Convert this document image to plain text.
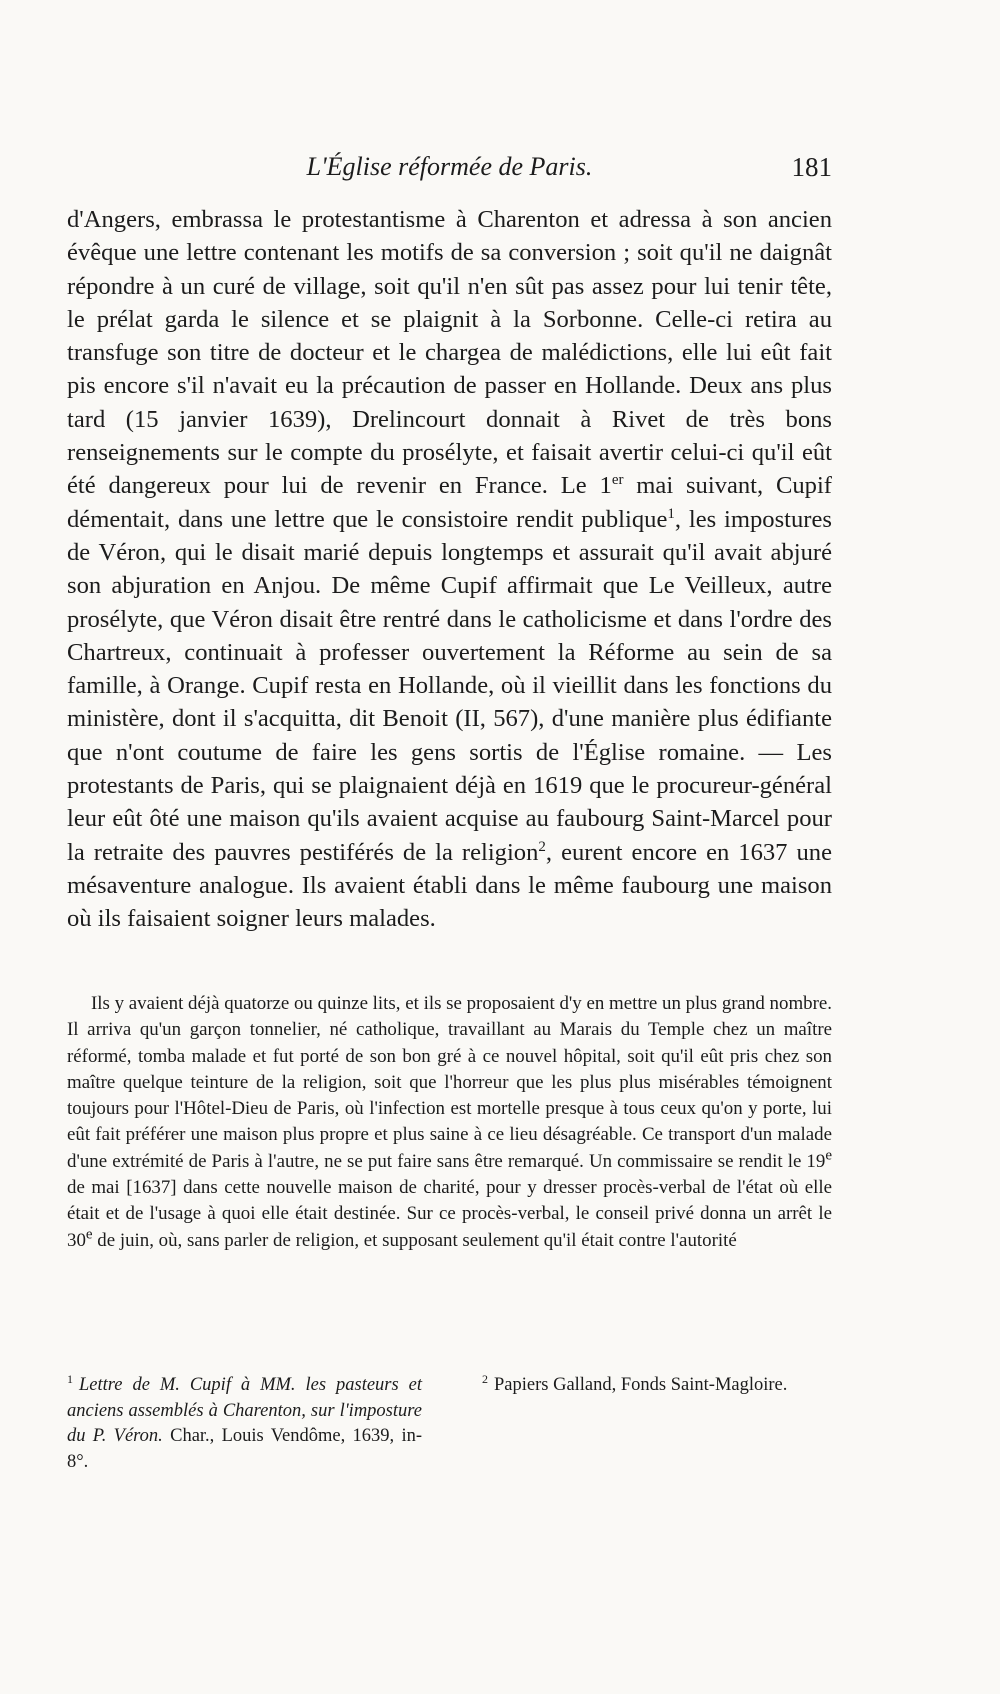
L'Église réformée de Paris.	181

d'Angers, embrassa le protestantisme à Charenton et adressa à son ancien évêque une lettre contenant les motifs de sa conversion ; soit qu'il ne daignât répondre à un curé de village, soit qu'il n'en sût pas assez pour lui tenir tête, le prélat garda le silence et se plaignit à la Sorbonne. Celle-ci retira au transfuge son titre de docteur et le chargea de malédictions, elle lui eût fait pis encore s'il n'avait eu la précaution de passer en Hollande. Deux ans plus tard (15 janvier 1639), Drelincourt donnait à Rivet de très bons renseignements sur le compte du prosélyte, et faisait avertir celui-ci qu'il eût été dangereux pour lui de revenir en France. Le 1er mai suivant, Cupif démentait, dans une lettre que le consistoire rendit publique$^1$, les impostures de Véron, qui le disait marié depuis longtemps et assurait qu'il avait abjuré son abjuration en Anjou. De même Cupif affirmait que Le Veilleux, autre prosélyte, que Véron disait être rentré dans le catholicisme et dans l'ordre des Chartreux, continuait à professer ouvertement la Réforme au sein de sa famille, à Orange. Cupif resta en Hollande, où il vieillit dans les fonctions du ministère, dont il s'acquitta, dit Benoit (II, 567), d'une manière plus édifiante que n'ont coutume de faire les gens sortis de l'Église romaine. — Les protestants de Paris, qui se plaignaient déjà en 1619 que le procureur-général leur eût ôté une maison qu'ils avaient acquise au faubourg Saint-Marcel pour la retraite des pauvres pestiférés de la religion$^2$, eurent encore en 1637 une mésaventure analogue. Ils avaient établi dans le même faubourg une maison où ils faisaient soigner leurs malades.

Ils y avaient déjà quatorze ou quinze lits, et ils se proposaient d'y en mettre un plus grand nombre. Il arriva qu'un garçon tonnelier, né catholique, travaillant au Marais du Temple chez un maître réformé, tomba malade et fut porté de son bon gré à ce nouvel hôpital, soit qu'il eût pris chez son maître quelque teinture de la religion, soit que l'horreur que les plus plus misérables témoignent toujours pour l'Hôtel-Dieu de Paris, où l'infection est mortelle presque à tous ceux qu'on y porte, lui eût fait préférer une maison plus propre et plus saine à ce lieu désagréable. Ce transport d'un malade d'une extrémité de Paris à l'autre, ne se put faire sans être remarqué. Un commissaire se rendit le 19e de mai [1637] dans cette nouvelle maison de charité, pour y dresser procès-verbal de l'état où elle était et de l'usage à quoi elle était destinée. Sur ce procès-verbal, le conseil privé donna un arrêt le 30e de juin, où, sans parler de religion, et supposant seulement qu'il était contre l'autorité

$^1$ Lettre de M. Cupif à MM. les pasteurs et anciens assemblés à Charenton, sur l'imposture du P. Véron. Char., Louis Vendôme, 1639, in-8°.
$^2$ Papiers Galland, Fonds Saint-Magloire.
